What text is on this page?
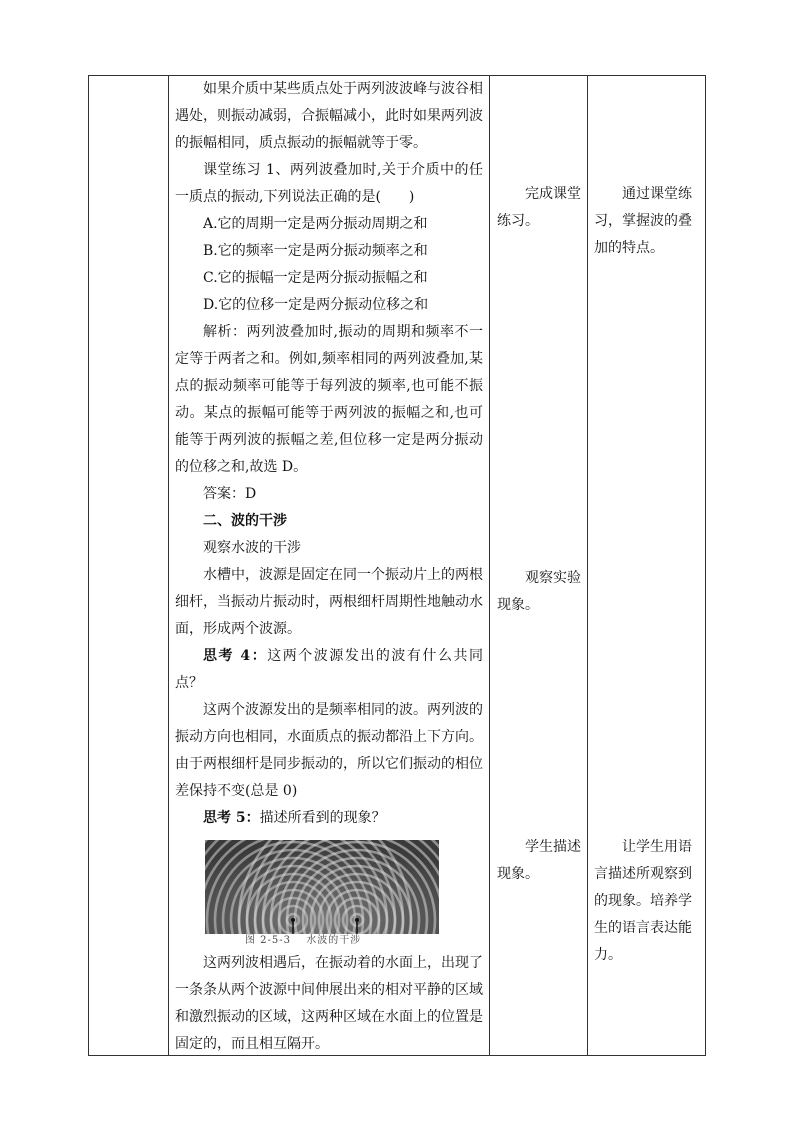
如果介质中某些质点处于两列波波峰与波谷相遇处，则振动减弱，合振幅减小，此时如果两列波的振幅相同，质点振动的振幅就等于零。

课堂练习 1、两列波叠加时,关于介质中的任一质点的振动,下列说法正确的是(　　)

A.它的周期一定是两分振动周期之和

B.它的频率一定是两分振动频率之和

C.它的振幅一定是两分振动振幅之和

D.它的位移一定是两分振动位移之和

解析：两列波叠加时,振动的周期和频率不一定等于两者之和。例如,频率相同的两列波叠加,某点的振动频率可能等于每列波的频率,也可能不振动。某点的振幅可能等于两列波的振幅之和,也可能等于两列波的振幅之差,但位移一定是两分振动的位移之和,故选 D。

答案：D

二、波的干涉

观察水波的干涉

水槽中，波源是固定在同一个振动片上的两根细杆，当振动片振动时，两根细杆周期性地触动水面，形成两个波源。

思考 4：这两个波源发出的波有什么共同点？

这两个波源发出的是频率相同的波。两列波的振动方向也相同，水面质点的振动都沿上下方向。由于两根细杆是同步振动的，所以它们振动的相位差保持不变(总是 0)

思考 5：描述所看到的现象？

图 2-5-3　 水波的干涉

这两列波相遇后，在振动着的水面上，出现了一条条从两个波源中间伸展出来的相对平静的区域和激烈振动的区域，这两种区域在水面上的位置是固定的，而且相互隔开。

完成课堂练习。

观察实验现象。

学生描述现象。

通过课堂练习，掌握波的叠加的特点。

让学生用语言描述所观察到的现象。培养学生的语言表达能力。
